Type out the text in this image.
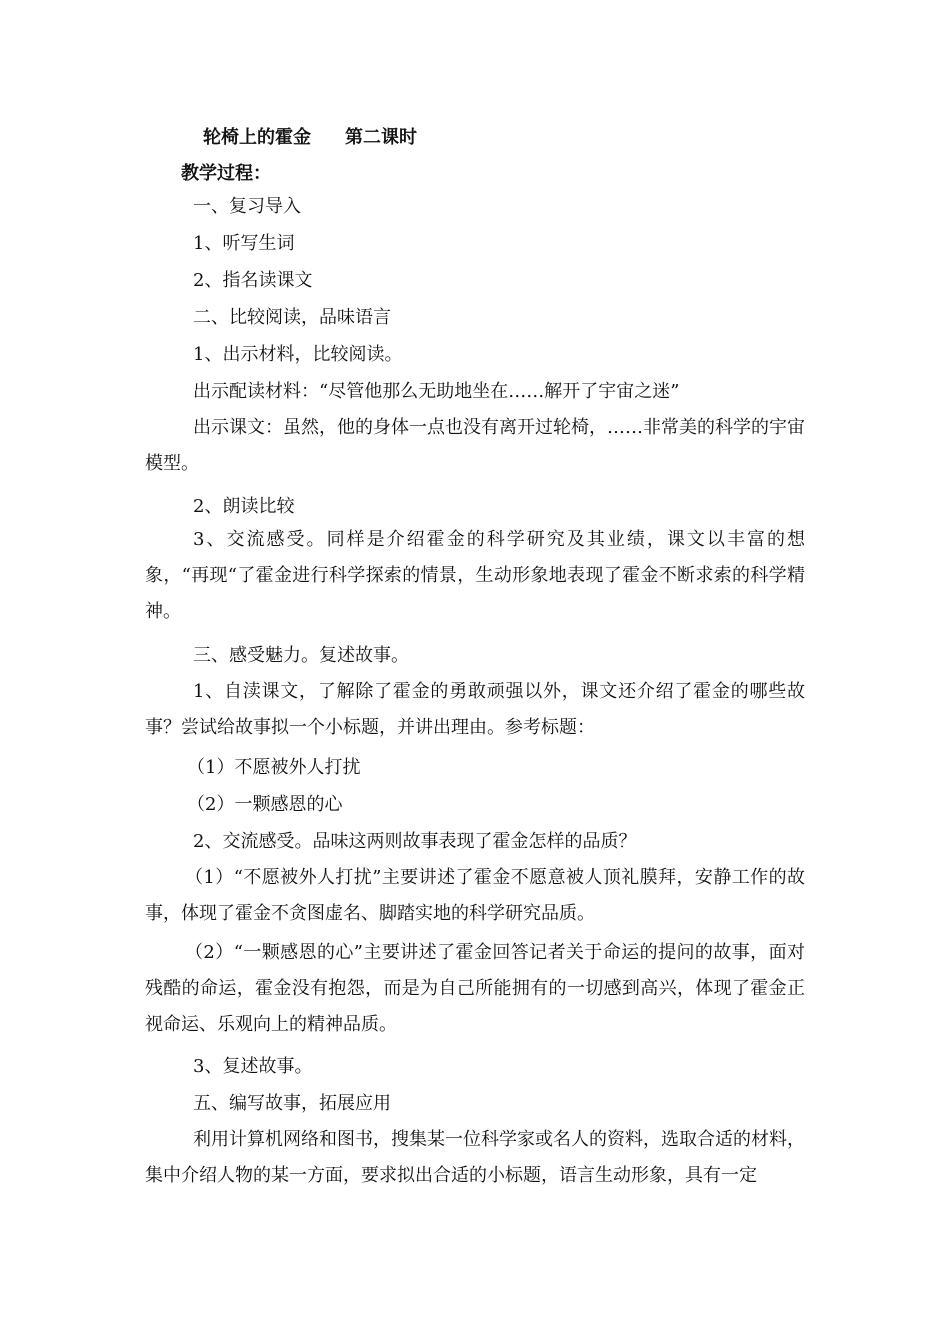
轮椅上的霍金 第二课时
教学过程：
一、复习导入
1、听写生词
2、指名读课文
二、比较阅读，品味语言
1、出示材料，比较阅读。
出示配读材料：“尽管他那么无助地坐在……解开了宇宙之迷”
出示课文：虽然，他的身体一点也没有离开过轮椅，……非常美的科学的宇宙模型。
2、朗读比较
3、交流感受。同样是介绍霍金的科学研究及其业绩，课文以丰富的想象，“再现“了霍金进行科学探索的情景，生动形象地表现了霍金不断求索的科学精神。
三、感受魅力。复述故事。
1、自渎课文，了解除了霍金的勇敢顽强以外，课文还介绍了霍金的哪些故事？尝试给故事拟一个小标题，并讲出理由。参考标题：
（1）不愿被外人打扰
（2）一颗感恩的心
2、交流感受。品味这两则故事表现了霍金怎样的品质？
（1）“不愿被外人打扰”主要讲述了霍金不愿意被人顶礼膜拜，安静工作的故事，体现了霍金不贪图虚名、脚踏实地的科学研究品质。
（2）“一颗感恩的心”主要讲述了霍金回答记者关于命运的提问的故事，面对残酷的命运，霍金没有抱怨，而是为自己所能拥有的一切感到高兴，体现了霍金正视命运、乐观向上的精神品质。
3、复述故事。
五、编写故事，拓展应用
利用计算机网络和图书，搜集某一位科学家或名人的资料，选取合适的材料，集中介绍人物的某一方面，要求拟出合适的小标题，语言生动形象，具有一定
